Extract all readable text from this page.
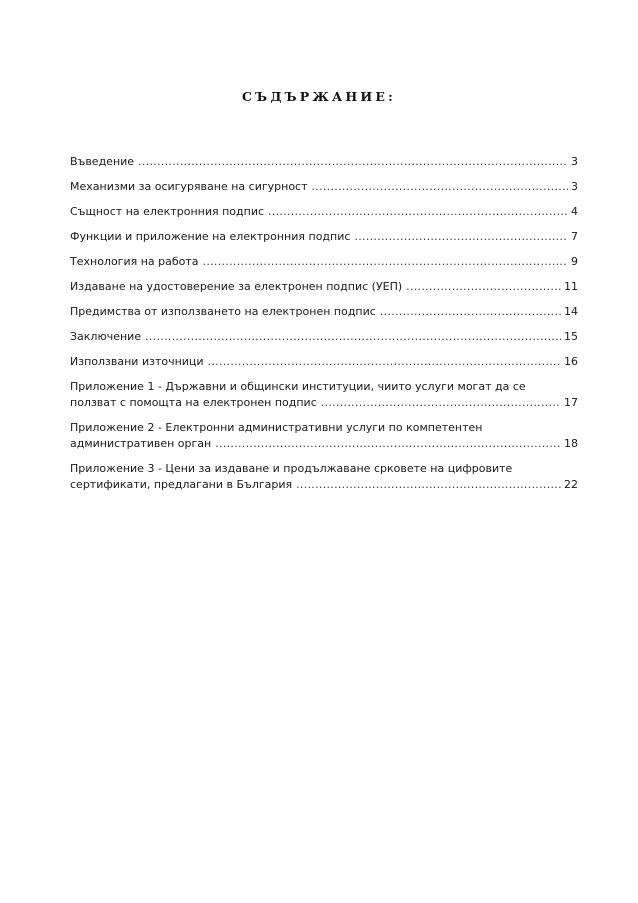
СЪДЪРЖАНИЕ:
Въведение .....	3
Механизми за осигуряване на сигурност .....	3
Същност на електронния подпис .....	4
Функции и приложение на електронния подпис .....	7
Технология на работа .....	9
Издаване на удостоверение за електронен подпис (УЕП) .....	11
Предимства от използването на електронен подпис .....	14
Заключение .....	15
Използвани източници .....	16
Приложение 1 - Държавни и общински институции, чиито услуги могат да се
ползват с помощта на електронен подпис .....	17
Приложение 2 - Електронни административни услуги по компетентен
административен орган .....	18
Приложение 3 - Цени за издаване и продължаване срковете на цифровите
сертификати, предлагани в България .....	22
